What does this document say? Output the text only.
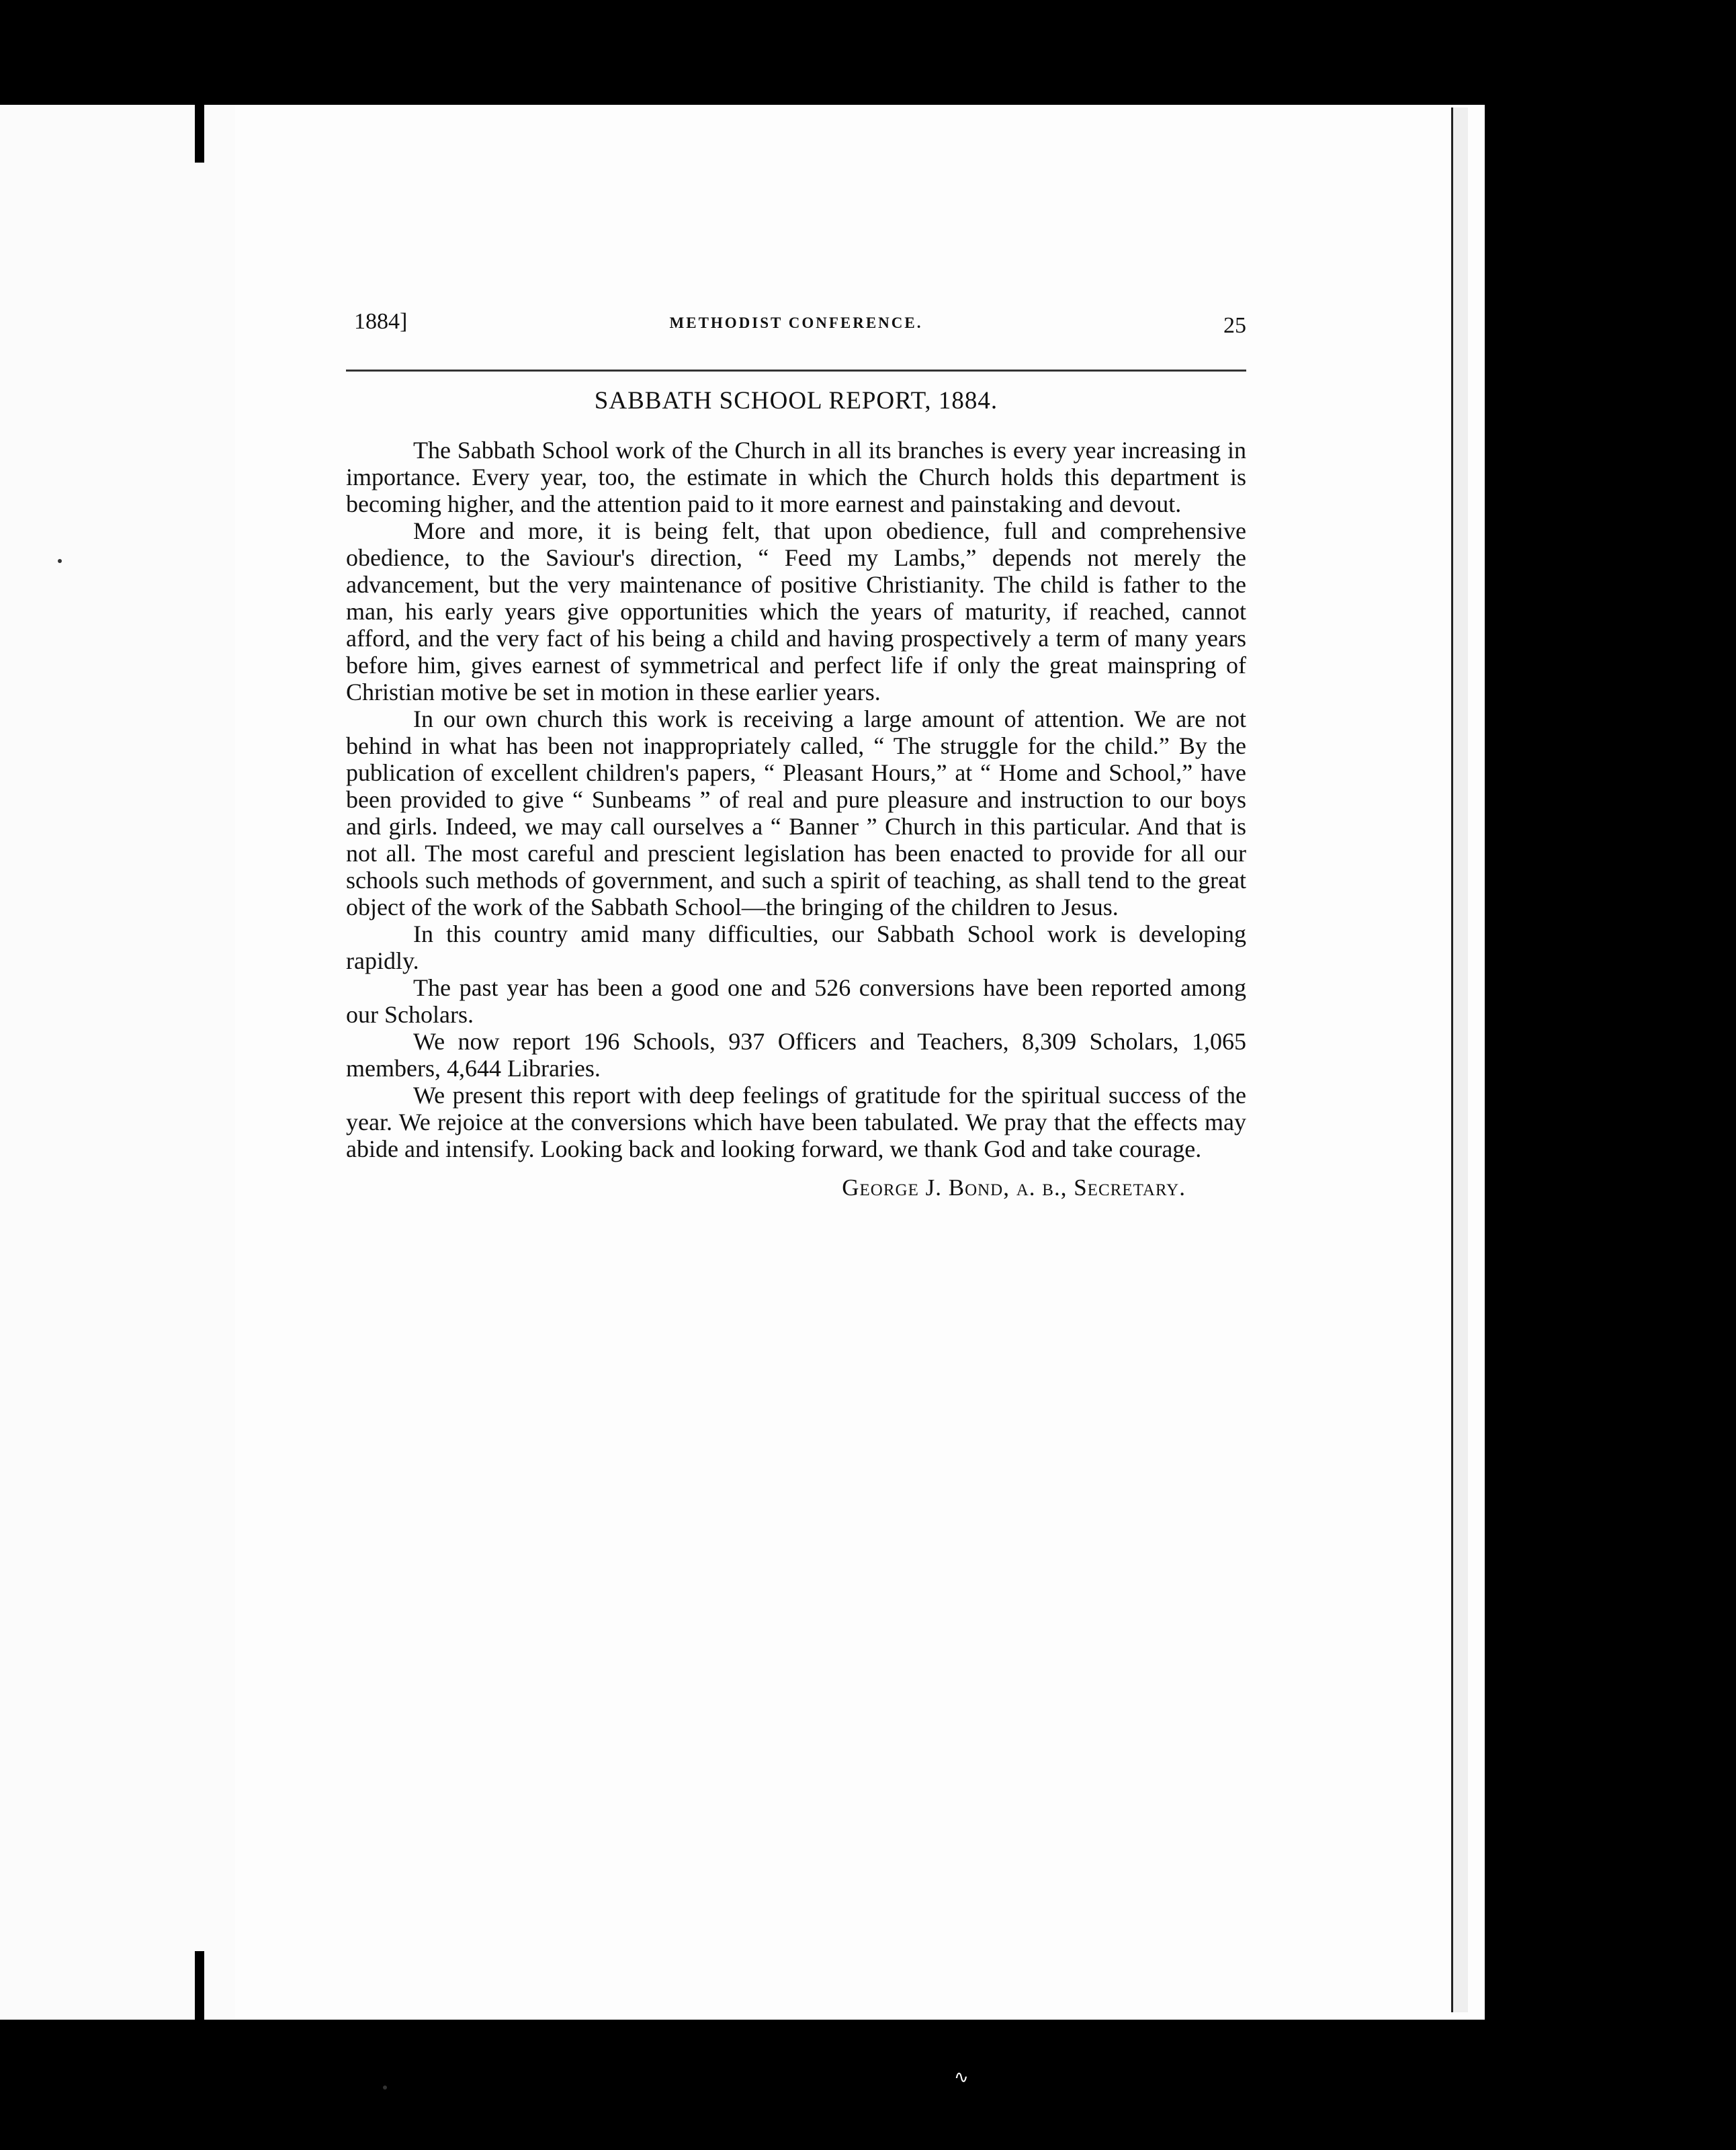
∿
1884]	METHODIST CONFERENCE.	25
SABBATH SCHOOL REPORT, 1884.

The Sabbath School work of the Church in all its branches is every year increasing in importance. Every year, too, the estimate in which the Church holds this department is becoming higher, and the attention paid to it more earnest and painstaking and devout.

More and more, it is being felt, that upon obedience, full and comprehensive obedience, to the Saviour's direction, “ Feed my Lambs,” depends not merely the advancement, but the very maintenance of positive Christianity. The child is father to the man, his early years give opportunities which the years of maturity, if reached, cannot afford, and the very fact of his being a child and having prospectively a term of many years before him, gives earnest of symmetrical and perfect life if only the great mainspring of Christian motive be set in motion in these earlier years.

In our own church this work is receiving a large amount of attention. We are not behind in what has been not inappropriately called, “ The struggle for the child.” By the publication of excellent children's papers, “ Pleasant Hours,” at “ Home and School,” have been provided to give “ Sunbeams ” of real and pure pleasure and instruction to our boys and girls. Indeed, we may call ourselves a “ Banner ” Church in this particular. And that is not all. The most careful and prescient legislation has been enacted to provide for all our schools such methods of government, and such a spirit of teaching, as shall tend to the great object of the work of the Sabbath School—the bringing of the children to Jesus.

In this country amid many difficulties, our Sabbath School work is developing rapidly.

The past year has been a good one and 526 conversions have been reported among our Scholars.

We now report 196 Schools, 937 Officers and Teachers, 8,309 Scholars, 1,065 members, 4,644 Libraries.

We present this report with deep feelings of gratitude for the spiritual success of the year. We rejoice at the conversions which have been tabulated. We pray that the effects may abide and intensify. Looking back and looking forward, we thank God and take courage.

George J. Bond, a. b., Secretary.
